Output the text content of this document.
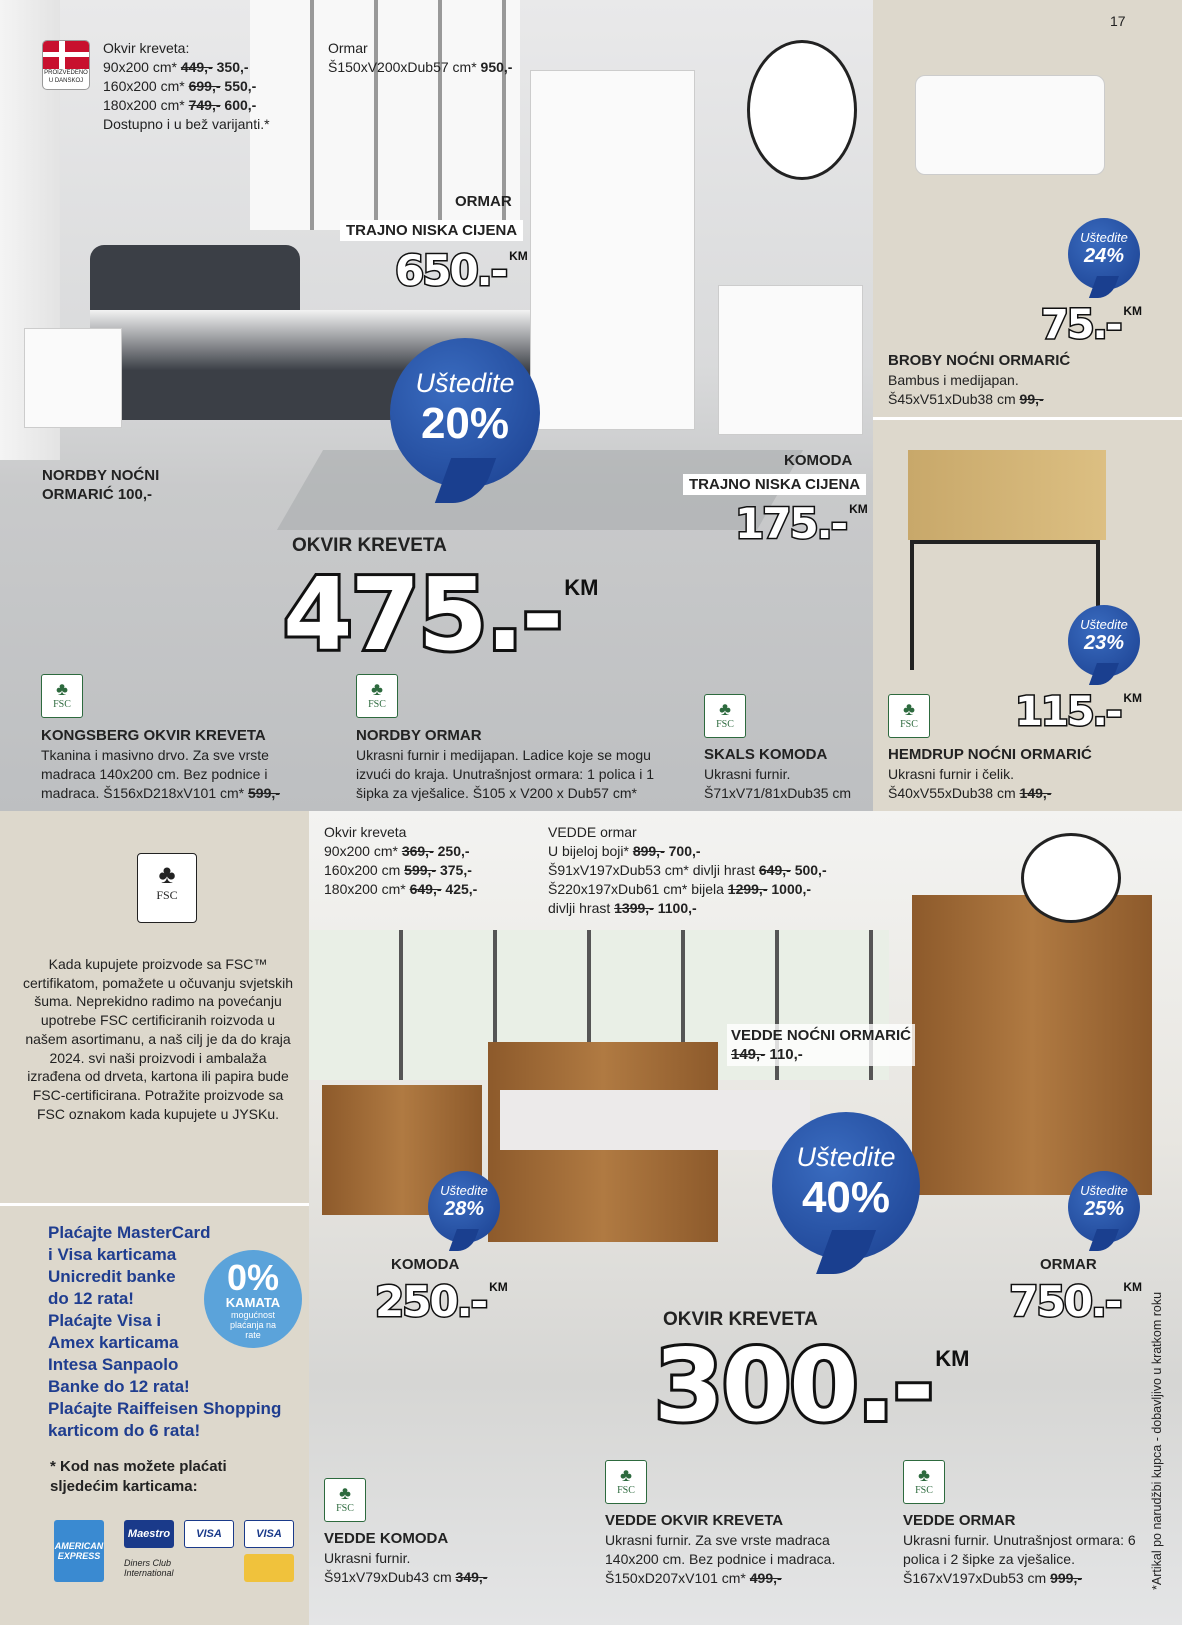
17
PROIZVEDENO U DANSKOJ
Okvir kreveta:
90x200 cm* 449,- 350,-
160x200 cm* 699,- 550,-
180x200 cm* 749,- 600,-
Dostupno i u bež varijanti.*
Ormar
Š150xV200xDub57 cm* 950,-
ORMAR
TRAJNO NISKA CIJENA
650.- KM
Uštedite
20%
NORDBY NOĆNI ORMARIĆ 100,-
KOMODA
TRAJNO NISKA CIJENA
175.- KM
OKVIR KREVETA
475.- KM
♣
FSC
♣
FSC	♣
FSC
KONGSBERG OKVIR KREVETA
Tkanina i masivno drvo. Za sve vrste madraca 140x200 cm. Bez podnice i madraca. Š156xD218xV101 cm* 599,-
NORDBY ORMAR
Ukrasni furnir i medijapan. Ladice koje se mogu izvući do kraja. Unutrašnjost ormara: 1 polica i 1 šipka za vješalice. Š105 x V200 x Dub57 cm*
SKALS KOMODA
Ukrasni furnir. Š71xV71/81xDub35 cm
Uštedite
24%
75.- KM
BROBY NOĆNI ORMARIĆ
Bambus i medijapan.
Š45xV51xDub38 cm 99,-
Uštedite
23%
115.- KM
♣
FSC
HEMDRUP NOĆNI ORMARIĆ
Ukrasni furnir i čelik.
Š40xV55xDub38 cm 149,-
♣
FSC
Kada kupujete proizvode sa FSC™ certifikatom, pomažete u očuvanju svjetskih šuma. Neprekidno radimo na povećanju upotrebe FSC certificiranih roizvoda u našem asortimanu, a naš cilj je da do kraja 2024. svi naši proizvodi i ambalaža izrađena od drveta, kartona ili papira bude FSC-certificirana. Potražite proizvode sa FSC oznakom kada kupujete u JYSKu.
Plaćajte MasterCard
i Visa karticama
Unicredit banke
do 12 rata!
Plaćajte Visa i
Amex karticama
Intesa Sanpaolo
Banke do 12 rata!
Plaćajte Raiffeisen Shopping
karticom do 6 rata!
0%
KAMATA
mogućnost plaćanja na rate
* Kod nas možete plaćati sljedećim karticama:
AMERICAN EXPRESS
Maestro	VISA	VISA
Diners Club International
Okvir kreveta
90x200 cm* 369,- 250,-
160x200 cm 599,- 375,-
180x200 cm* 649,- 425,-
VEDDE ormar
U bijeloj boji* 899,- 700,-
Š91xV197xDub53 cm* divlji hrast 649,- 500,-
Š220x197xDub61 cm* bijela 1299,- 1000,-
divlji hrast 1399,- 1100,-
VEDDE NOĆNI ORMARIĆ
149,- 110,-
Uštedite
28%
KOMODA
250.- KM
Uštedite
40%
OKVIR KREVETA
300.- KM
Uštedite
25%
ORMAR
750.- KM
♣
FSC
♣
FSC
♣
FSC
VEDDE KOMODA
Ukrasni furnir.
Š91xV79xDub43 cm 349,-
VEDDE OKVIR KREVETA
Ukrasni furnir. Za sve vrste madraca 140x200 cm. Bez podnice i madraca.
Š150xD207xV101 cm* 499,-
VEDDE ORMAR
Ukrasni furnir. Unutrašnjost ormara: 6 polica i 2 šipke za vješalice.
Š167xV197xDub53 cm 999,-	*Artikal po narudžbi kupca - dobavljivo u kratkom roku
